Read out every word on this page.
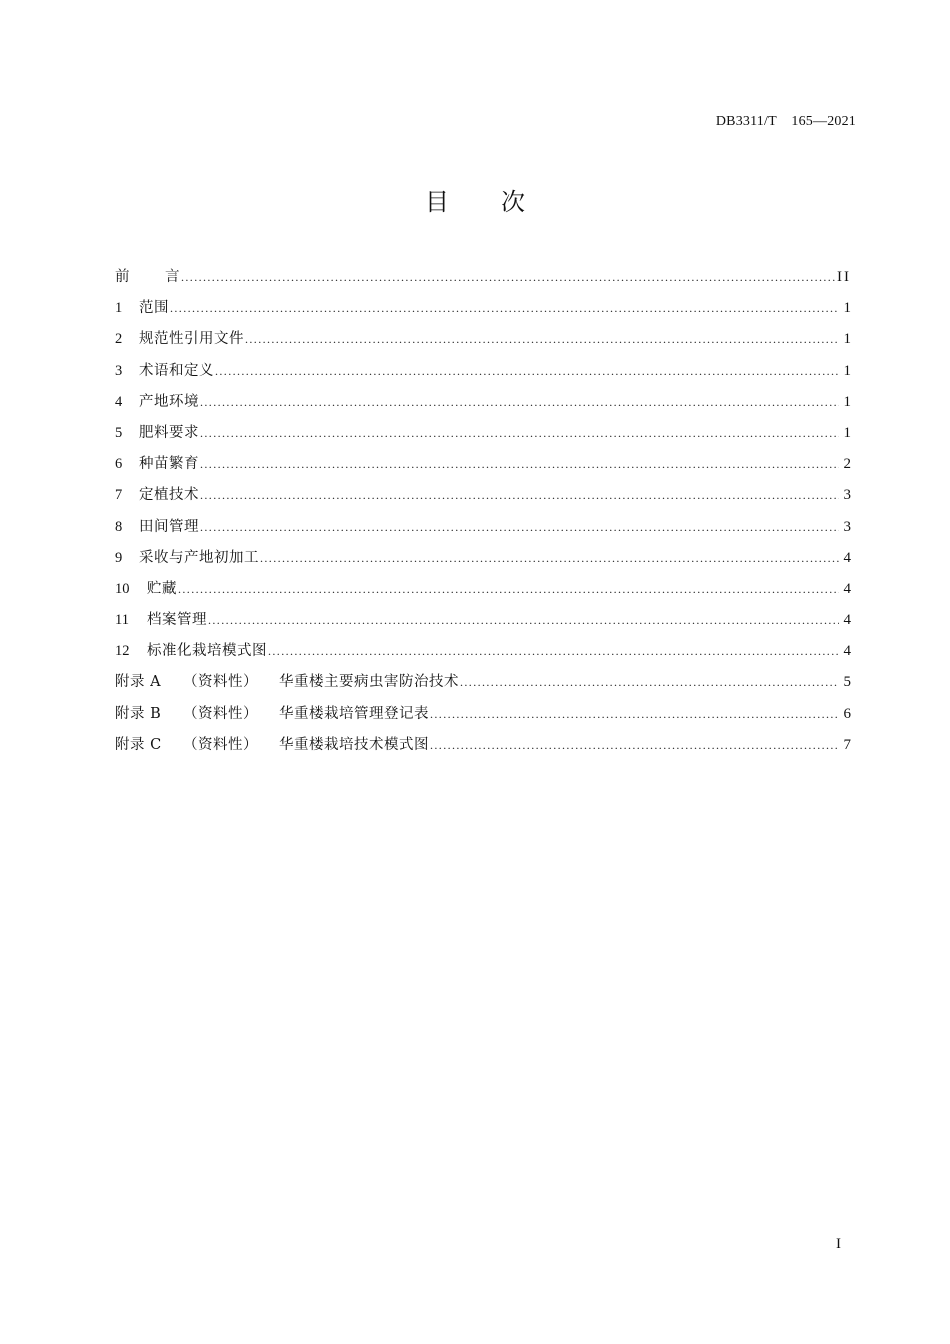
DB3311/T    165—2021
目 次
前	言 .....	II
1	范围 .....	1
2	规范性引用文件 .....	1
3	术语和定义 .....	1
4	产地环境 .....	1
5	肥料要求 .....	1
6	种苗繁育 .....	2
7	定植技术 .....	3
8	田间管理 .....	3
9	采收与产地初加工 .....	4
10	贮藏 .....	4
11	档案管理 .....	4
12	标准化栽培模式图 .....	4
附录 A	（资料性）	华重楼主要病虫害防治技术 .....	5
附录 B	（资料性）	华重楼栽培管理登记表 .....	6
附录 C	（资料性）	华重楼栽培技术模式图 .....	7
I
